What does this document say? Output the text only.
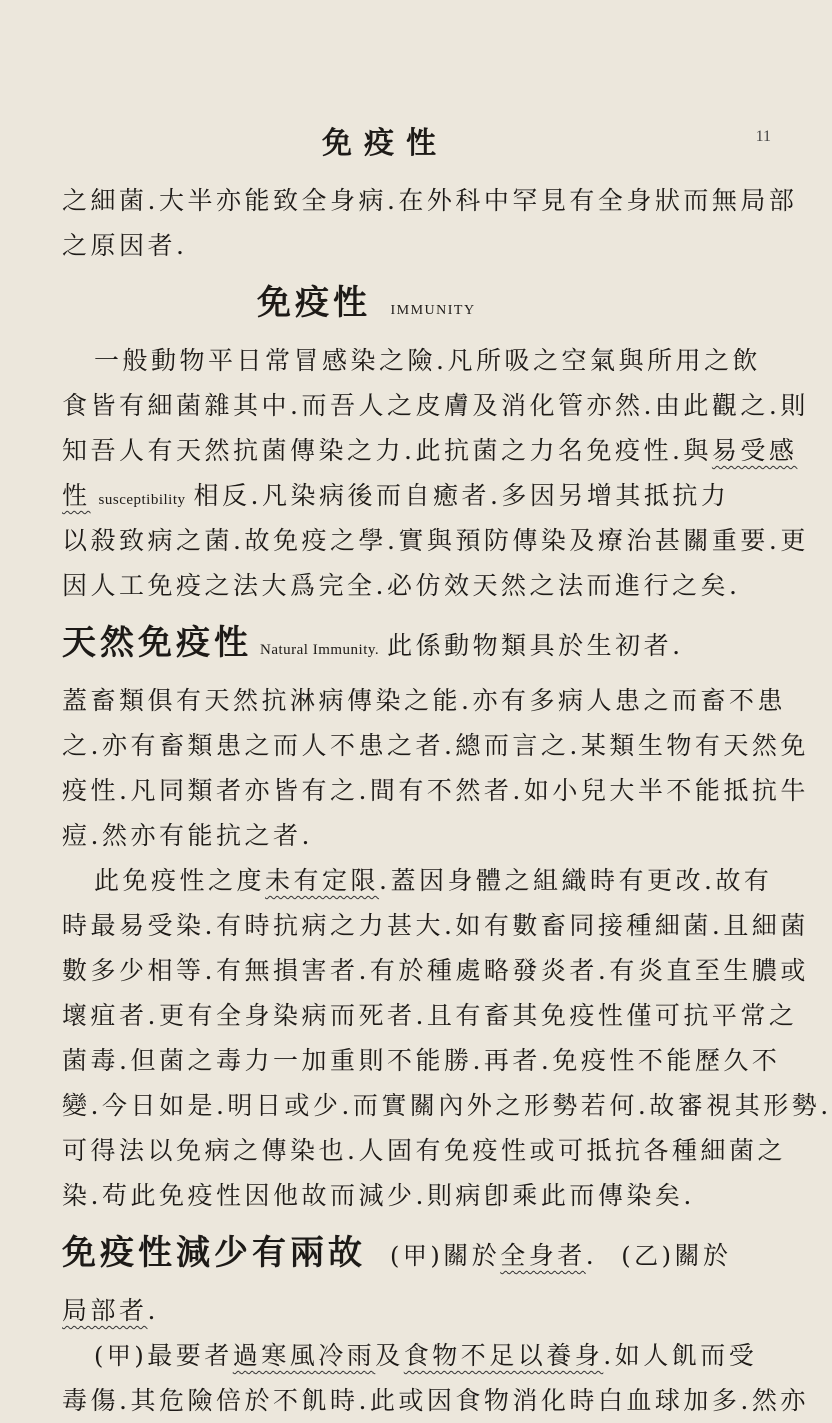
免疫性	11
之細菌.大半亦能致全身病.在外科中罕見有全身狀而無局部
之原因者.
免疫性 IMMUNITY
一般動物平日常冒感染之險.凡所吸之空氣與所用之飲
食皆有細菌雜其中.而吾人之皮膚及消化管亦然.由此觀之.則
知吾人有天然抗菌傳染之力.此抗菌之力名免疫性.與易受感
性susceptibility 相反.凡染病後而自癒者.多因另增其抵抗力
以殺致病之菌.故免疫之學.實與預防傳染及療治甚關重要.更
因人工免疫之法大爲完全.必仿效天然之法而進行之矣.
天然免疫性 Natural Immunity. 此係動物類具於生初者.
蓋畜類俱有天然抗淋病傳染之能.亦有多病人患之而畜不患
之.亦有畜類患之而人不患之者.總而言之.某類生物有天然免
疫性.凡同類者亦皆有之.間有不然者.如小兒大半不能抵抗牛
痘.然亦有能抗之者.
此免疫性之度未有定限.蓋因身體之組織時有更改.故有
時最易受染.有時抗病之力甚大.如有數畜同接種細菌.且細菌
數多少相等.有無損害者.有於種處略發炎者.有炎直至生膿或
壞疽者.更有全身染病而死者.且有畜其免疫性僅可抗平常之
菌毒.但菌之毒力一加重則不能勝.再者.免疫性不能歷久不
變.今日如是.明日或少.而實關內外之形勢若何.故審視其形勢.
可得法以免病之傳染也.人固有免疫性或可抵抗各種細菌之
染.苟此免疫性因他故而減少.則病卽乘此而傳染矣.
免疫性減少有兩故 (甲)關於全身者. (乙)關於
局部者.
(甲)最要者過寒風冷雨及食物不足以養身.如人飢而受
毒傷.其危險倍於不飢時.此或因食物消化時白血球加多.然亦
